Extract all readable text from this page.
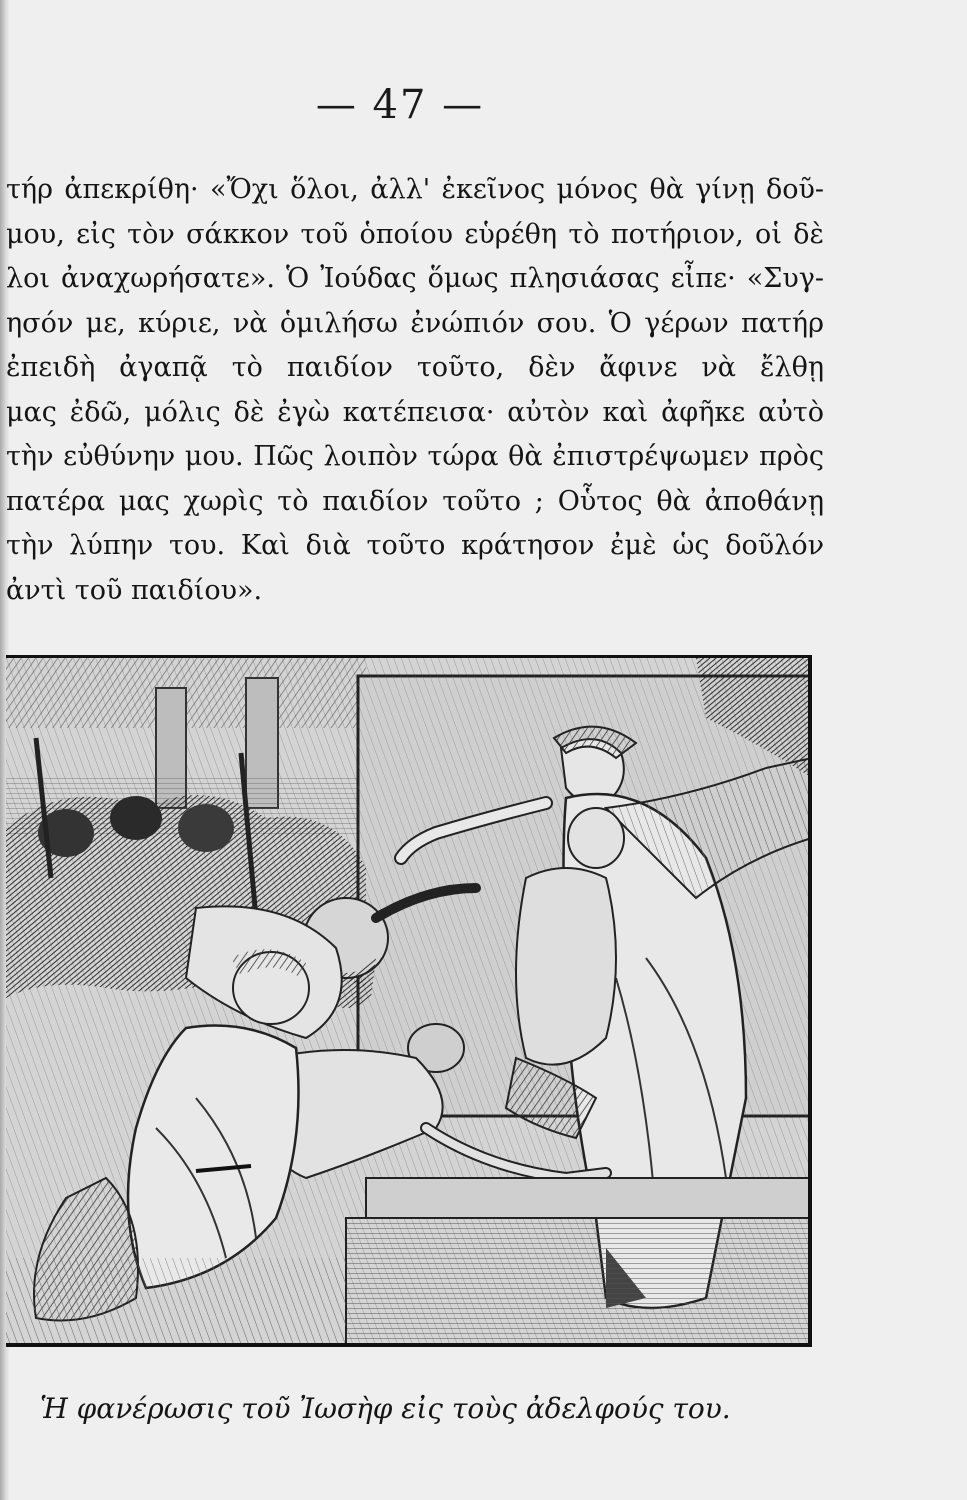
— 47 —
τήρ ἀπεκρίθη· «Ὄχι ὅλοι, ἀλλ' ἐκεῖνος μόνος θὰ γίνῃ δοῦ-
μου, εἰς τὸν σάκκον τοῦ ὁποίου εὑρέθη τὸ ποτήριον, οἱ δὲ
λοι ἀναχωρήσατε». Ὁ Ἰούδας ὅμως πλησιάσας εἶπε· «Συγ-
ησόν με, κύριε, νὰ ὁμιλήσω ἐνώπιόν σου. Ὁ γέρων πατήρ
ἐπειδὴ ἀγαπᾷ τὸ παιδίον τοῦτο, δὲν ἄφινε νὰ ἔλθῃ
μας ἐδῶ, μόλις δὲ ἐγὼ κατέπεισα· αὐτὸν καὶ ἀφῆκε αὐτὸ
τὴν εὐθύνην μου. Πῶς λοιπὸν τώρα θὰ ἐπιστρέψωμεν πρὸς
πατέρα μας χωρὶς τὸ παιδίον τοῦτο ; Οὗτος θὰ ἀποθάνῃ
τὴν λύπην του. Καὶ διὰ τοῦτο κράτησον ἐμὲ ὡς δοῦλόν
ἀντὶ τοῦ παιδίου».
Ἡ φανέρωσις τοῦ Ἰωσὴφ εἰς τοὺς ἀδελφούς του.
